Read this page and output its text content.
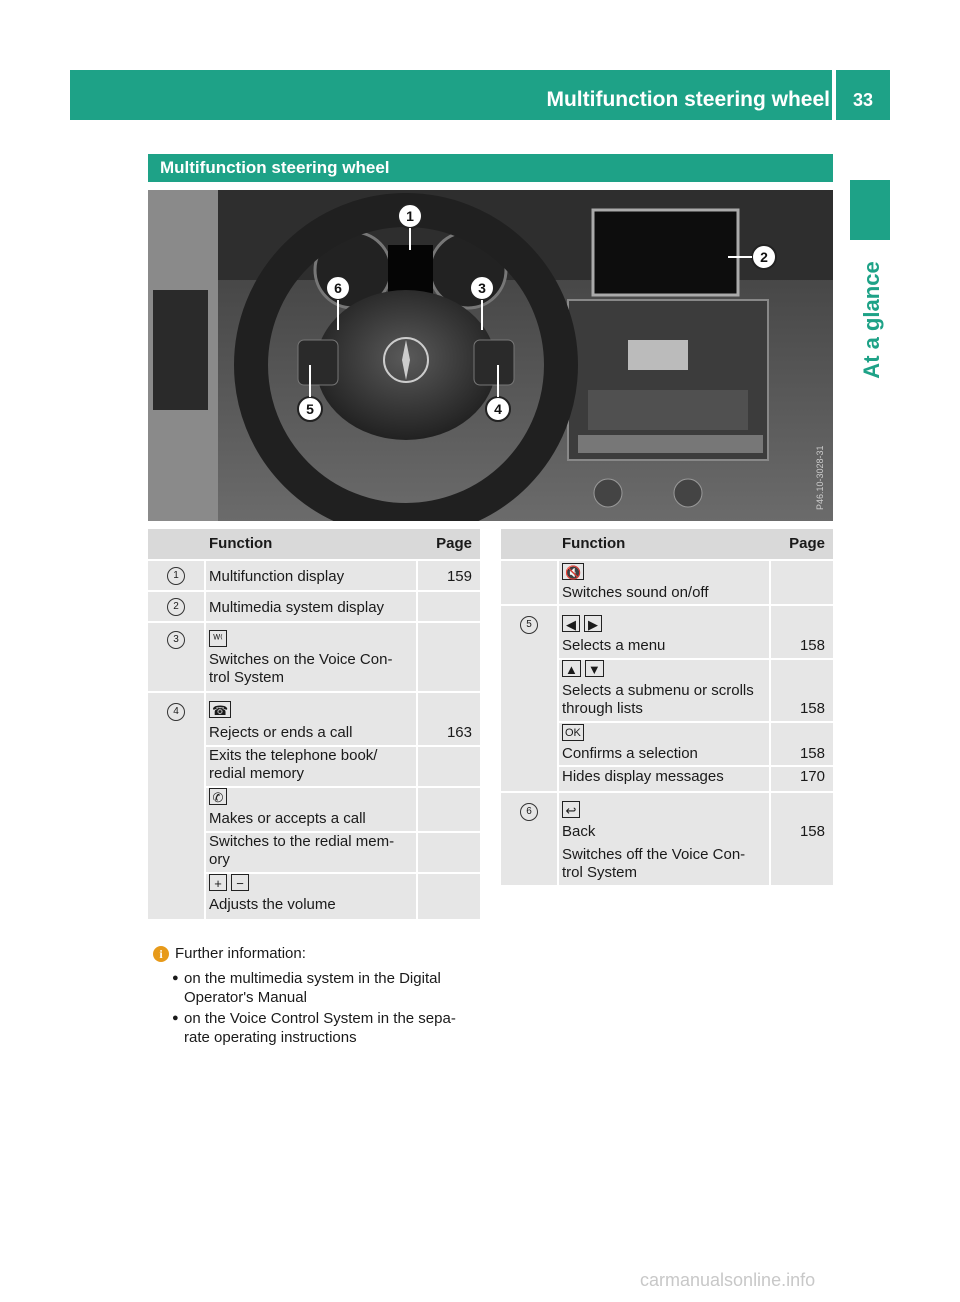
Multifunction steering wheel	33
At a glance
Multifunction steering wheel
1
2
3
4
5
6
P46.10-3028-31
Function	Page
1	Multifunction display	159
2	Multimedia system display
3	ᵂ⁽
Switches on the Voice Con-
trol System
4	☎
Rejects or ends a call	163
Exits the telephone book/
redial memory
✆
Makes or accepts a call
Switches to the redial mem-
ory
+ −
Adjusts the volume
Function	Page
🔇
Switches sound on/off
5	◀ ▶
Selects a menu	158
▲ ▼
Selects a submenu or scrolls
through lists	158
OK
Confirms a selection	158
Hides display messages	170
6	↩
Back	158
Switches off the Voice Con-
trol System
i Further information:
● on the multimedia system in the Digital
Operator's Manual
● on the Voice Control System in the sepa-
rate operating instructions
carmanualsonline.info
